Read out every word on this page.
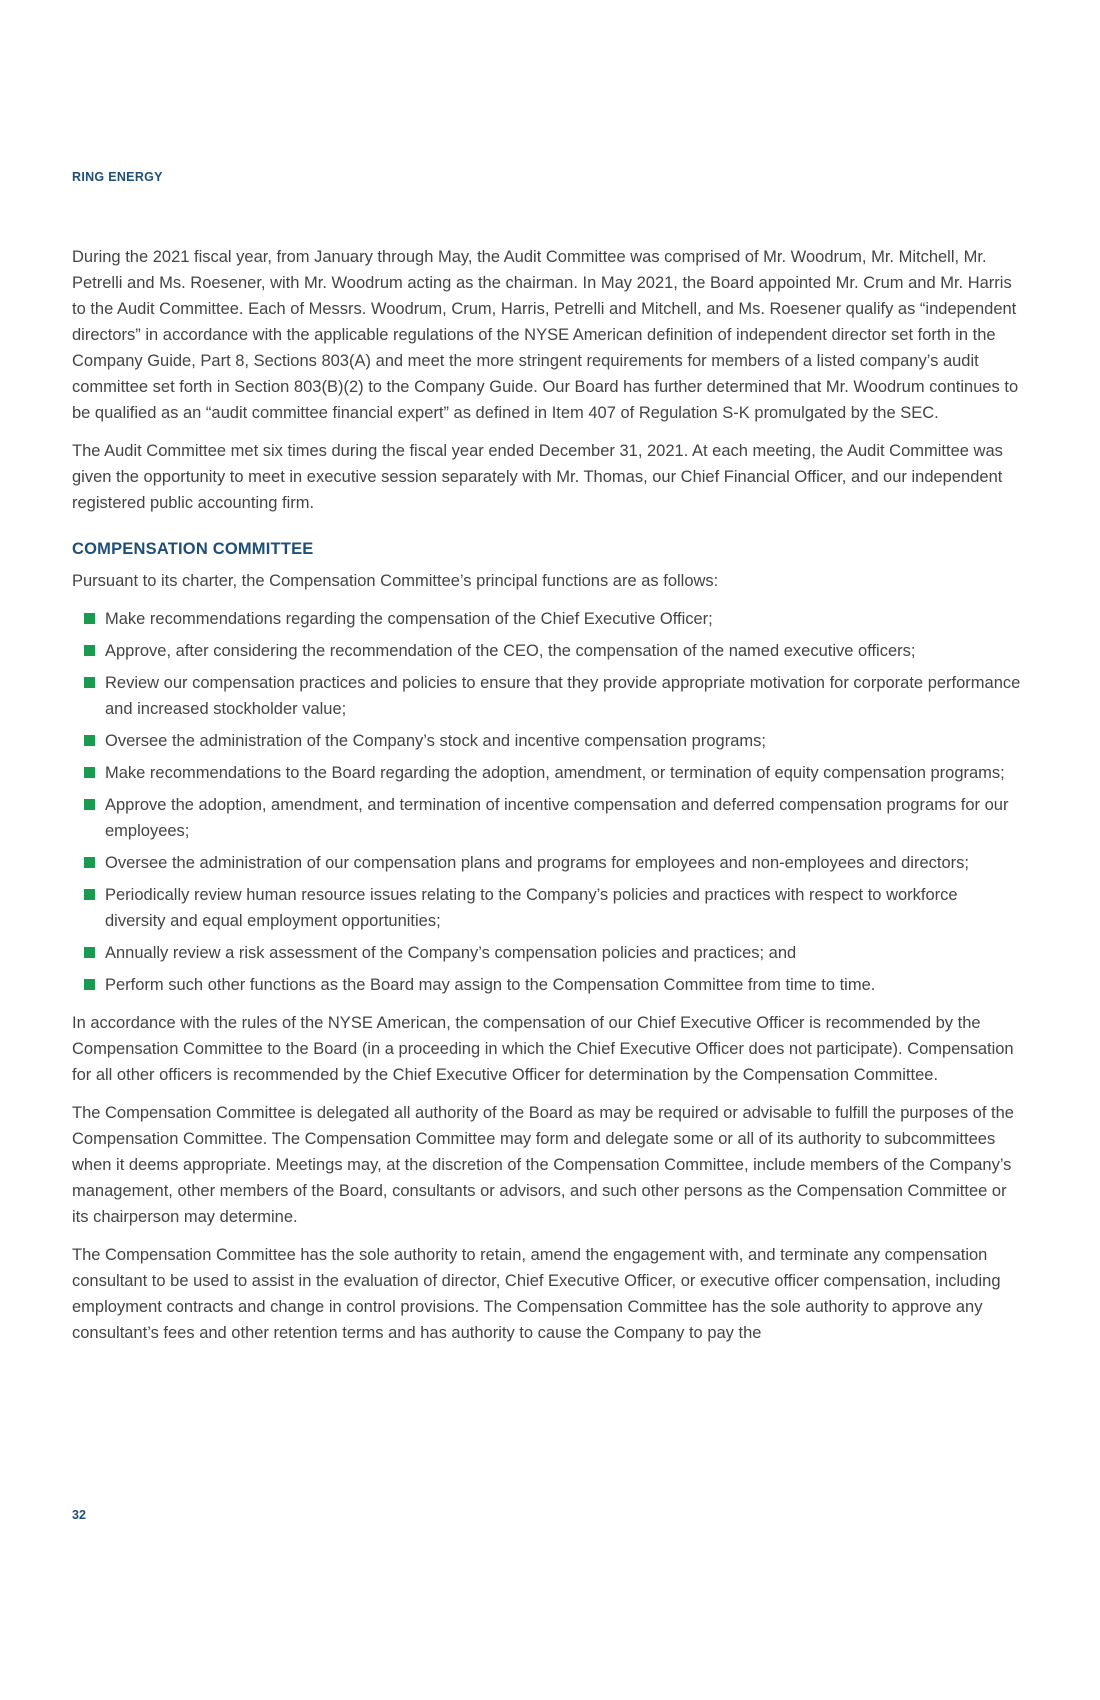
RING ENERGY

During the 2021 fiscal year, from January through May, the Audit Committee was comprised of Mr. Woodrum, Mr. Mitchell, Mr. Petrelli and Ms. Roesener, with Mr. Woodrum acting as the chairman. In May 2021, the Board appointed Mr. Crum and Mr. Harris to the Audit Committee. Each of Messrs. Woodrum, Crum, Harris, Petrelli and Mitchell, and Ms. Roesener qualify as “independent directors” in accordance with the applicable regulations of the NYSE American definition of independent director set forth in the Company Guide, Part 8, Sections 803(A) and meet the more stringent requirements for members of a listed company’s audit committee set forth in Section 803(B)(2) to the Company Guide. Our Board has further determined that Mr. Woodrum continues to be qualified as an “audit committee financial expert” as defined in Item 407 of Regulation S-K promulgated by the SEC.

The Audit Committee met six times during the fiscal year ended December 31, 2021. At each meeting, the Audit Committee was given the opportunity to meet in executive session separately with Mr. Thomas, our Chief Financial Officer, and our independent registered public accounting firm.

COMPENSATION COMMITTEE

Pursuant to its charter, the Compensation Committee’s principal functions are as follows:

Make recommendations regarding the compensation of the Chief Executive Officer;
Approve, after considering the recommendation of the CEO, the compensation of the named executive officers;
Review our compensation practices and policies to ensure that they provide appropriate motivation for corporate performance and increased stockholder value;
Oversee the administration of the Company’s stock and incentive compensation programs;
Make recommendations to the Board regarding the adoption, amendment, or termination of equity compensation programs;
Approve the adoption, amendment, and termination of incentive compensation and deferred compensation programs for our employees;
Oversee the administration of our compensation plans and programs for employees and non-employees and directors;
Periodically review human resource issues relating to the Company’s policies and practices with respect to workforce diversity and equal employment opportunities;
Annually review a risk assessment of the Company’s compensation policies and practices; and
Perform such other functions as the Board may assign to the Compensation Committee from time to time.

In accordance with the rules of the NYSE American, the compensation of our Chief Executive Officer is recommended by the Compensation Committee to the Board (in a proceeding in which the Chief Executive Officer does not participate). Compensation for all other officers is recommended by the Chief Executive Officer for determination by the Compensation Committee.

The Compensation Committee is delegated all authority of the Board as may be required or advisable to fulfill the purposes of the Compensation Committee. The Compensation Committee may form and delegate some or all of its authority to subcommittees when it deems appropriate. Meetings may, at the discretion of the Compensation Committee, include members of the Company’s management, other members of the Board, consultants or advisors, and such other persons as the Compensation Committee or its chairperson may determine.

The Compensation Committee has the sole authority to retain, amend the engagement with, and terminate any compensation consultant to be used to assist in the evaluation of director, Chief Executive Officer, or executive officer compensation, including employment contracts and change in control provisions. The Compensation Committee has the sole authority to approve any consultant’s fees and other retention terms and has authority to cause the Company to pay the

32
